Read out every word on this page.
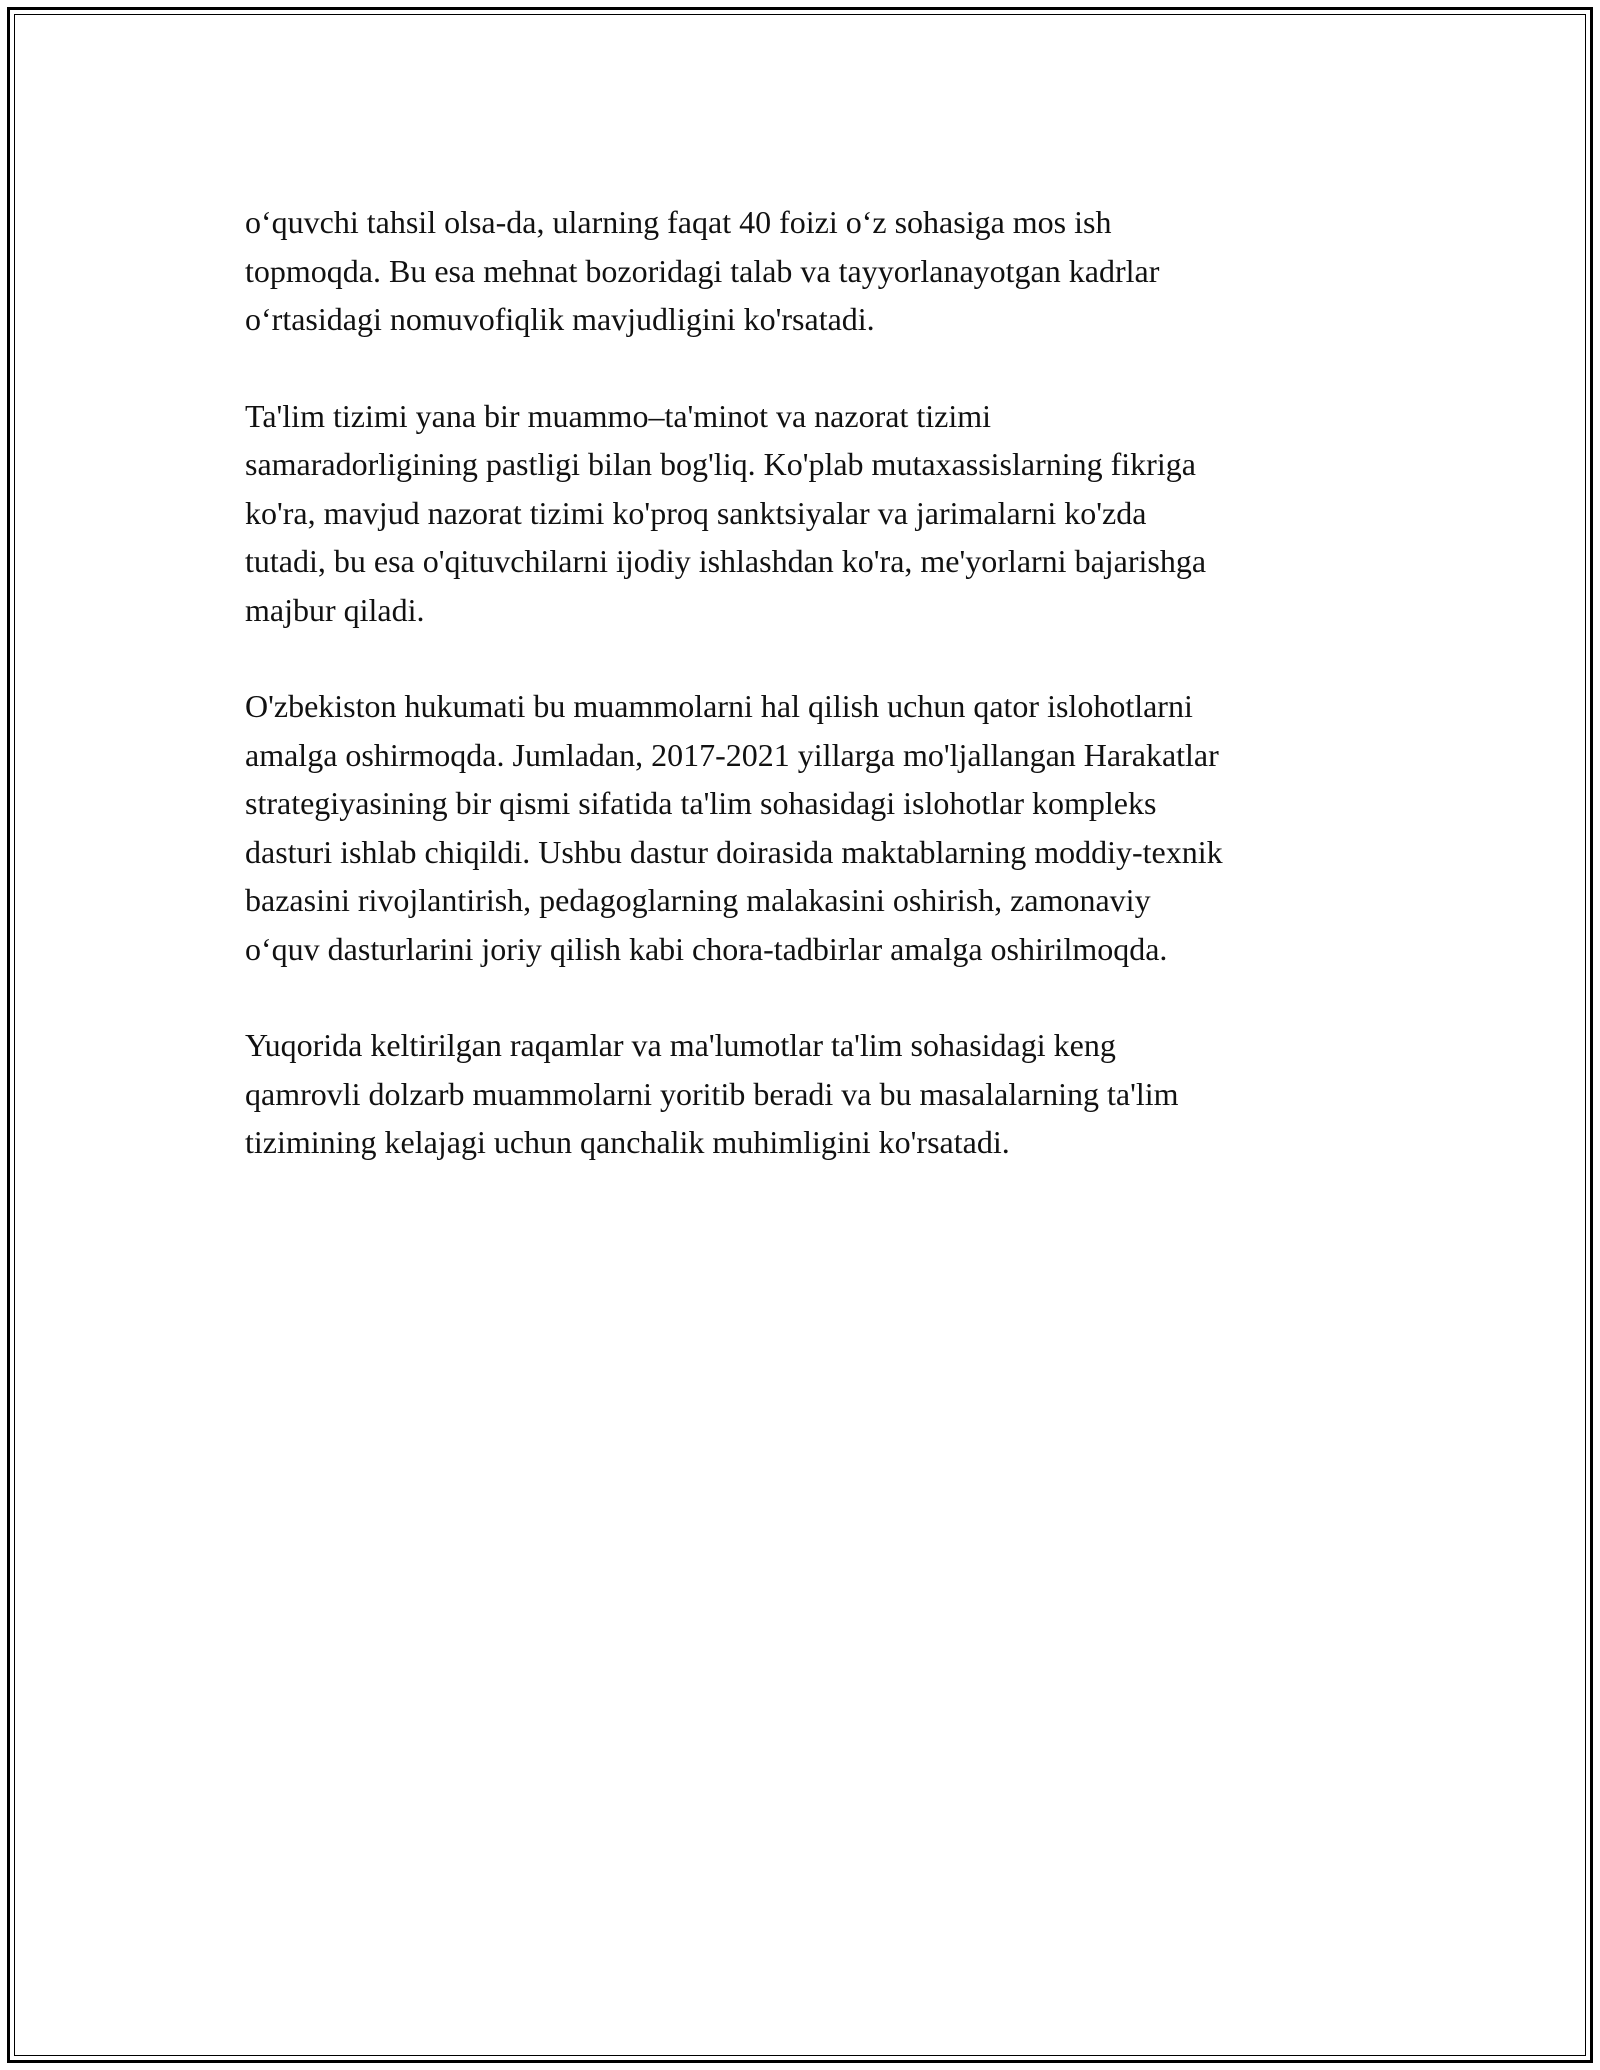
o‘quvchi tahsil olsa-da, ularning faqat 40 foizi o‘z sohasiga mos ish
topmoqda. Bu esa mehnat bozoridagi talab va tayyorlanayotgan kadrlar
o‘rtasidagi nomuvofiqlik mavjudligini ko'rsatadi.

Ta'lim tizimi yana bir muammo–ta'minot va nazorat tizimi
samaradorligining pastligi bilan bog'liq. Ko'plab mutaxassislarning fikriga
ko'ra, mavjud nazorat tizimi ko'proq sanktsiyalar va jarimalarni ko'zda
tutadi, bu esa o'qituvchilarni ijodiy ishlashdan ko'ra, me'yorlarni bajarishga
majbur qiladi.

O'zbekiston hukumati bu muammolarni hal qilish uchun qator islohotlarni
amalga oshirmoqda. Jumladan, 2017-2021 yillarga mo'ljallangan Harakatlar
strategiyasining bir qismi sifatida ta'lim sohasidagi islohotlar kompleks
dasturi ishlab chiqildi. Ushbu dastur doirasida maktablarning moddiy-texnik
bazasini rivojlantirish, pedagoglarning malakasini oshirish, zamonaviy
o‘quv dasturlarini joriy qilish kabi chora-tadbirlar amalga oshirilmoqda.

Yuqorida keltirilgan raqamlar va ma'lumotlar ta'lim sohasidagi keng
qamrovli dolzarb muammolarni yoritib beradi va bu masalalarning ta'lim
tizimining kelajagi uchun qanchalik muhimligini ko'rsatadi.
